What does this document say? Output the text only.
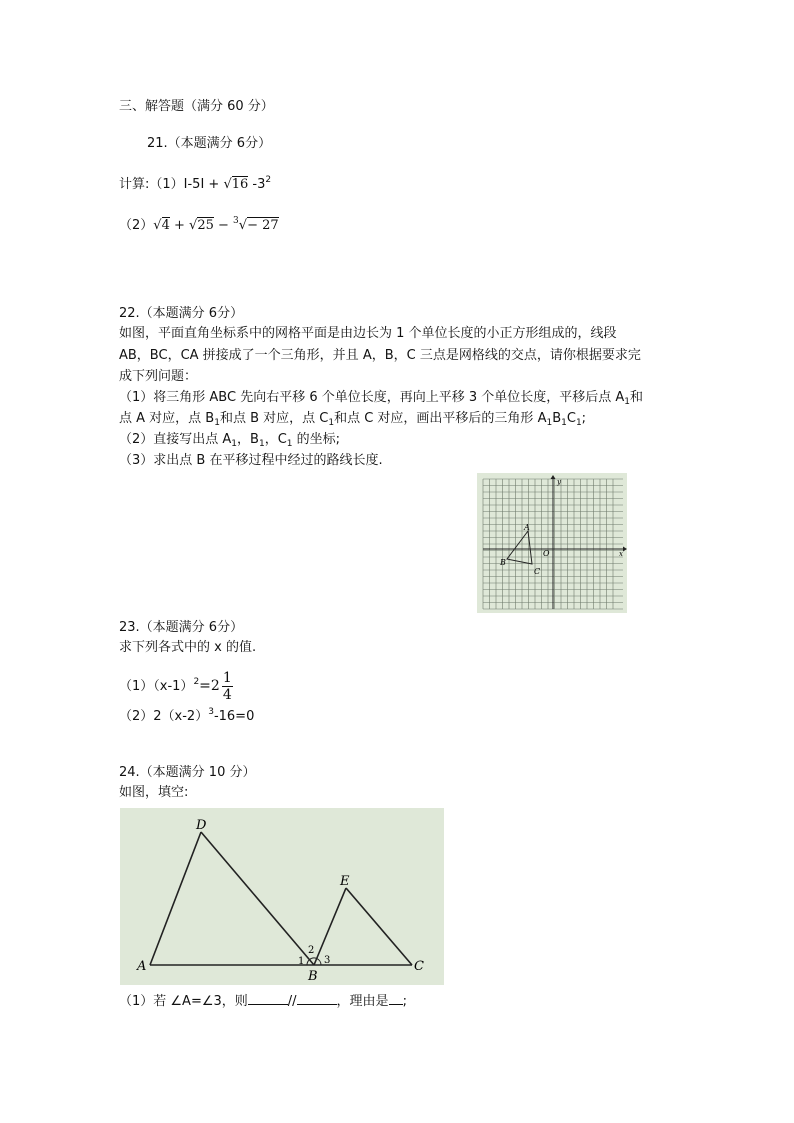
三、解答题（满分 60 分）
21.（本题满分 6分）
计算:（1）I-5I + √16 $-3^2$
（2）√4 + √25 − $^3$√− 27
22.（本题满分 6分）
如图，平面直角坐标系中的网格平面是由边长为 1 个单位长度的小正方形组成的，线段
AB，BC，CA 拼接成了一个三角形，并且 A，B，C 三点是网格线的交点，请你根据要求完
成下列问题：
（1）将三角形 ABC 先向右平移 6 个单位长度，再向上平移 3 个单位长度，平移后点 $A_1$和
点 A 对应，点 $B_1$和点 B 对应，点 $C_1$和点 C 对应，画出平移后的三角形 $A_1B_1C_1$;
（2）直接写出点 $A_1$，$B_1$，$C_1$ 的坐标;
（3）求出点 B 在平移过程中经过的路线长度.
y
x
O
A
B
C
23.（本题满分 6分）
求下列各式中的 x 的值.
$(1)(x-1)^2=2 \frac{1}{4}$
$(2)2(x-2)^3-16=0$
24.（本题满分 10 分）
如图，填空:
D
E
A
B
C
1
2
3
（1）若 ∠A=∠3，则	//	，理由是 ;
